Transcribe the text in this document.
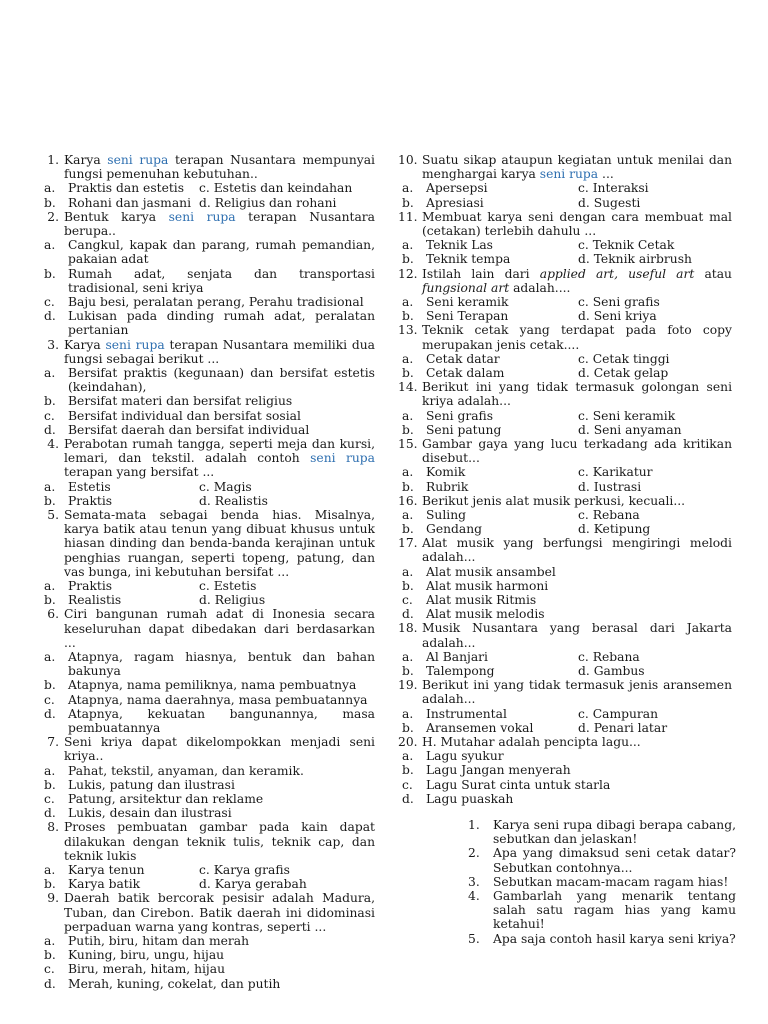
1. Karya seni rupa terapan Nusantara mempunyai fungsi pemenuhan kebutuhan..
a. Praktis dan estetis c. Estetis dan keindahan
b. Rohani dan jasmani d. Religius dan rohani
2. Bentuk karya seni rupa terapan Nusantara berupa..
a. Cangkul, kapak dan parang, rumah pemandian, pakaian adat
b. Rumah adat, senjata dan transportasi tradisional, seni kriya
c. Baju besi, peralatan perang, Perahu tradisional
d. Lukisan pada dinding rumah adat, peralatan pertanian
3. Karya seni rupa terapan Nusantara memiliki dua fungsi sebagai berikut ...
a. Bersifat praktis (kegunaan) dan bersifat estetis (keindahan),
b. Bersifat materi dan bersifat religius
c. Bersifat individual dan bersifat sosial
d. Bersifat daerah dan bersifat individual
4. Perabotan rumah tangga, seperti meja dan kursi, lemari, dan tekstil. adalah contoh seni rupa terapan yang bersifat ...
a. Estetis	c. Magis
b. Praktis	d. Realistis
5. Semata-mata sebagai benda hias. Misalnya, karya batik atau tenun yang dibuat khusus untuk hiasan dinding dan benda-banda kerajinan untuk penghias ruangan, seperti topeng, patung, dan vas bunga, ini kebutuhan bersifat ...
a. Praktis	c. Estetis
b. Realistis	d. Religius
6. Ciri bangunan rumah adat di Inonesia secara keseluruhan dapat dibedakan dari berdasarkan ...
a. Atapnya, ragam hiasnya, bentuk dan bahan bakunya
b. Atapnya, nama pemiliknya, nama pembuatnya
c. Atapnya, nama daerahnya, masa pembuatannya
d. Atapnya, kekuatan bangunannya, masa pembuatannya
7. Seni kriya dapat dikelompokkan menjadi seni kriya..
a. Pahat, tekstil, anyaman, dan keramik.
b. Lukis, patung dan ilustrasi
c. Patung, arsitektur dan reklame
d. Lukis, desain dan ilustrasi
8. Proses pembuatan gambar pada kain dapat dilakukan dengan teknik tulis, teknik cap, dan teknik lukis
a. Karya tenun	c. Karya grafis
b. Karya batik	d. Karya gerabah
9. Daerah batik bercorak pesisir adalah Madura, Tuban, dan Cirebon. Batik daerah ini didominasi perpaduan warna yang kontras, seperti ...
a. Putih, biru, hitam dan merah
b. Kuning, biru, ungu, hijau
c. Biru, merah, hitam, hijau
d. Merah, kuning, cokelat, dan putih
10. Suatu sikap ataupun kegiatan untuk menilai dan menghargai karya seni rupa ...
a. Apersepsi	c. Interaksi
b. Apresiasi	d. Sugesti
11. Membuat karya seni dengan cara membuat mal (cetakan) terlebih dahulu ...
a. Teknik Las	c. Teknik Cetak
b. Teknik tempa	d. Teknik airbrush
12. Istilah lain dari applied art, useful art atau fungsional art adalah....
a. Seni keramik	c. Seni grafis
b. Seni Terapan	d. Seni kriya
13. Teknik cetak yang terdapat pada foto copy merupakan jenis cetak....
a. Cetak datar	c. Cetak tinggi
b. Cetak dalam	d. Cetak gelap
14. Berikut ini yang tidak termasuk golongan seni kriya adalah...
a. Seni grafis	c. Seni keramik
b. Seni patung	d. Seni anyaman
15. Gambar gaya yang lucu terkadang ada kritikan disebut...
a. Komik	c. Karikatur
b. Rubrik	d. Iustrasi
16. Berikut jenis alat musik perkusi, kecuali...
a. Suling	c. Rebana
b. Gendang	d. Ketipung
17. Alat musik yang berfungsi mengiringi melodi adalah...
a. Alat musik ansambel
b. Alat musik harmoni
c. Alat musik Ritmis
d. Alat musik melodis
18. Musik Nusantara yang berasal dari Jakarta adalah...
a. Al Banjari	c. Rebana
b. Talempong	d. Gambus
19. Berikut ini yang tidak termasuk jenis aransemen adalah...
a. Instrumental	c. Campuran
b. Aransemen vokal	d. Penari latar
20. H. Mutahar adalah pencipta lagu...
a. Lagu syukur
b. Lagu Jangan menyerah
c. Lagu Surat cinta untuk starla
d. Lagu puaskah
1. Karya seni rupa dibagi berapa cabang, sebutkan dan jelaskan!
2. Apa yang dimaksud seni cetak datar? Sebutkan contohnya...
3. Sebutkan macam-macam ragam hias!
4. Gambarlah yang menarik tentang salah satu ragam hias yang kamu ketahui!
5. Apa saja contoh hasil karya seni kriya?
